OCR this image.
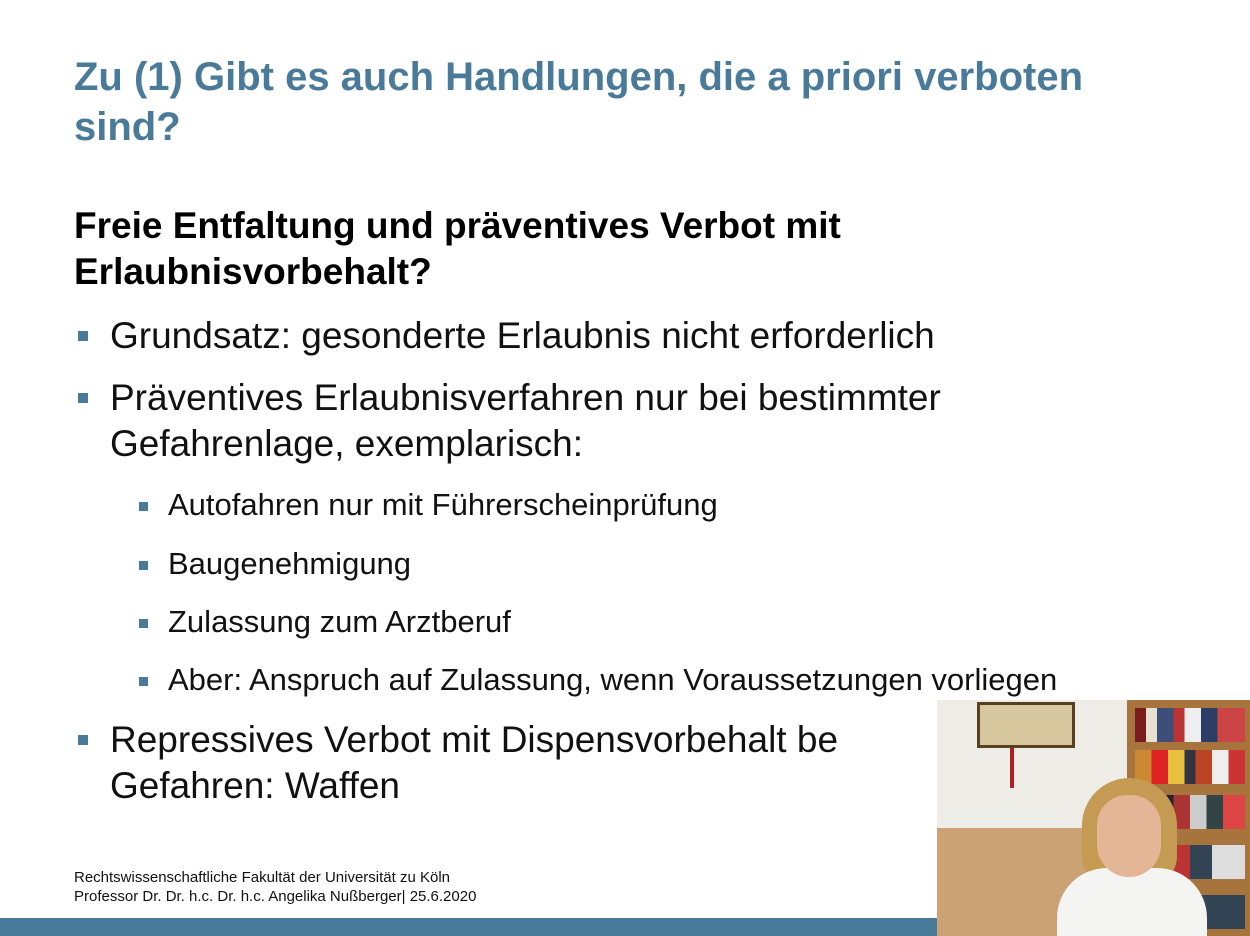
Zu (1) Gibt es auch Handlungen, die a priori verboten sind?
Freie Entfaltung und präventives Verbot mit Erlaubnisvorbehalt?
Grundsatz: gesonderte Erlaubnis nicht erforderlich
Präventives Erlaubnisverfahren nur bei bestimmter Gefahrenlage, exemplarisch:
Autofahren nur mit Führerscheinprüfung
Baugenehmigung
Zulassung zum Arztberuf
Aber: Anspruch auf Zulassung, wenn Voraussetzungen vorliegen
Repressives Verbot mit Dispensvorbehalt be Gefahren: Waffen
Rechtswissenschaftliche Fakultät der Universität zu Köln
Professor Dr. Dr. h.c. Dr. h.c. Angelika Nußberger| 25.6.2020
